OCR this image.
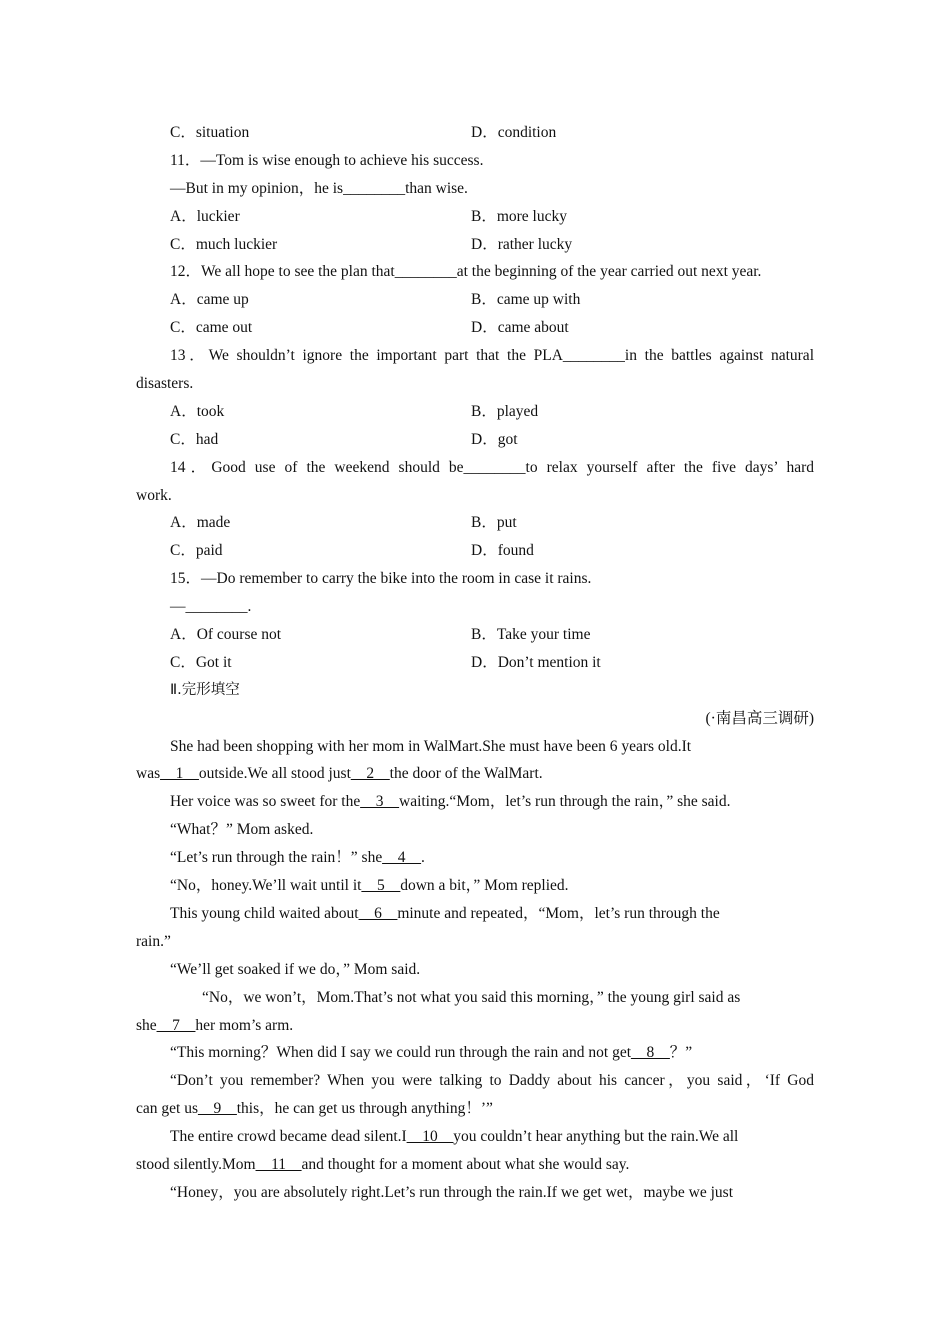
C．situation	D．condition
11．—Tom is wise enough to achieve his success.
—But in my opinion，he is________than wise.
A．luckier	B．more lucky
C．much luckier	D．rather lucky
12．We all hope to see the plan that________at the beginning of the year carried out next year.
A．came up	B．came up with
C．came out	D．came about
13．We shouldn’t ignore the important part that the PLA________in the battles against natural
disasters.
A．took	B．played
C．had	D．got
14．Good use of the weekend should be________to relax yourself after the five days’ hard
work.
A．made	B．put
C．paid	D．found
15．—Do remember to carry the bike into the room in case it rains.
—________.
A．Of course not	B．Take your time
C．Got it	D．Don’t mention it
Ⅱ.完形填空
(·南昌高三调研)
She had been shopping with her mom in WalMart.She must have been 6 years old.It
was__1__outside.We all stood just__2__the door of the WalMart.
Her voice was so sweet for the__3__waiting.“Mom，let’s run through the rain，” she said.
“What？” Mom asked.
“Let’s run through the rain！” she__4__.
“No，honey.We’ll wait until it__5__down a bit，” Mom replied.
This young child waited about__6__minute and repeated，“Mom，let’s run through the
rain.”
“We’ll get soaked if we do，” Mom said.
“No，we won’t，Mom.That’s not what you said this morning，” the young girl said as
she__7__her mom’s arm.
“This morning？When did I say we could run through the rain and not get__8__？”
“Don’t you remember? When you were talking to Daddy about his cancer，you said，‘If God
can get us__9__this，he can get us through anything！’”
The entire crowd became dead silent.I__10__you couldn’t hear anything but the rain.We all
stood silently.Mom__11__and thought for a moment about what she would say.
“Honey，you are absolutely right.Let’s run through the rain.If we get wet，maybe we just
